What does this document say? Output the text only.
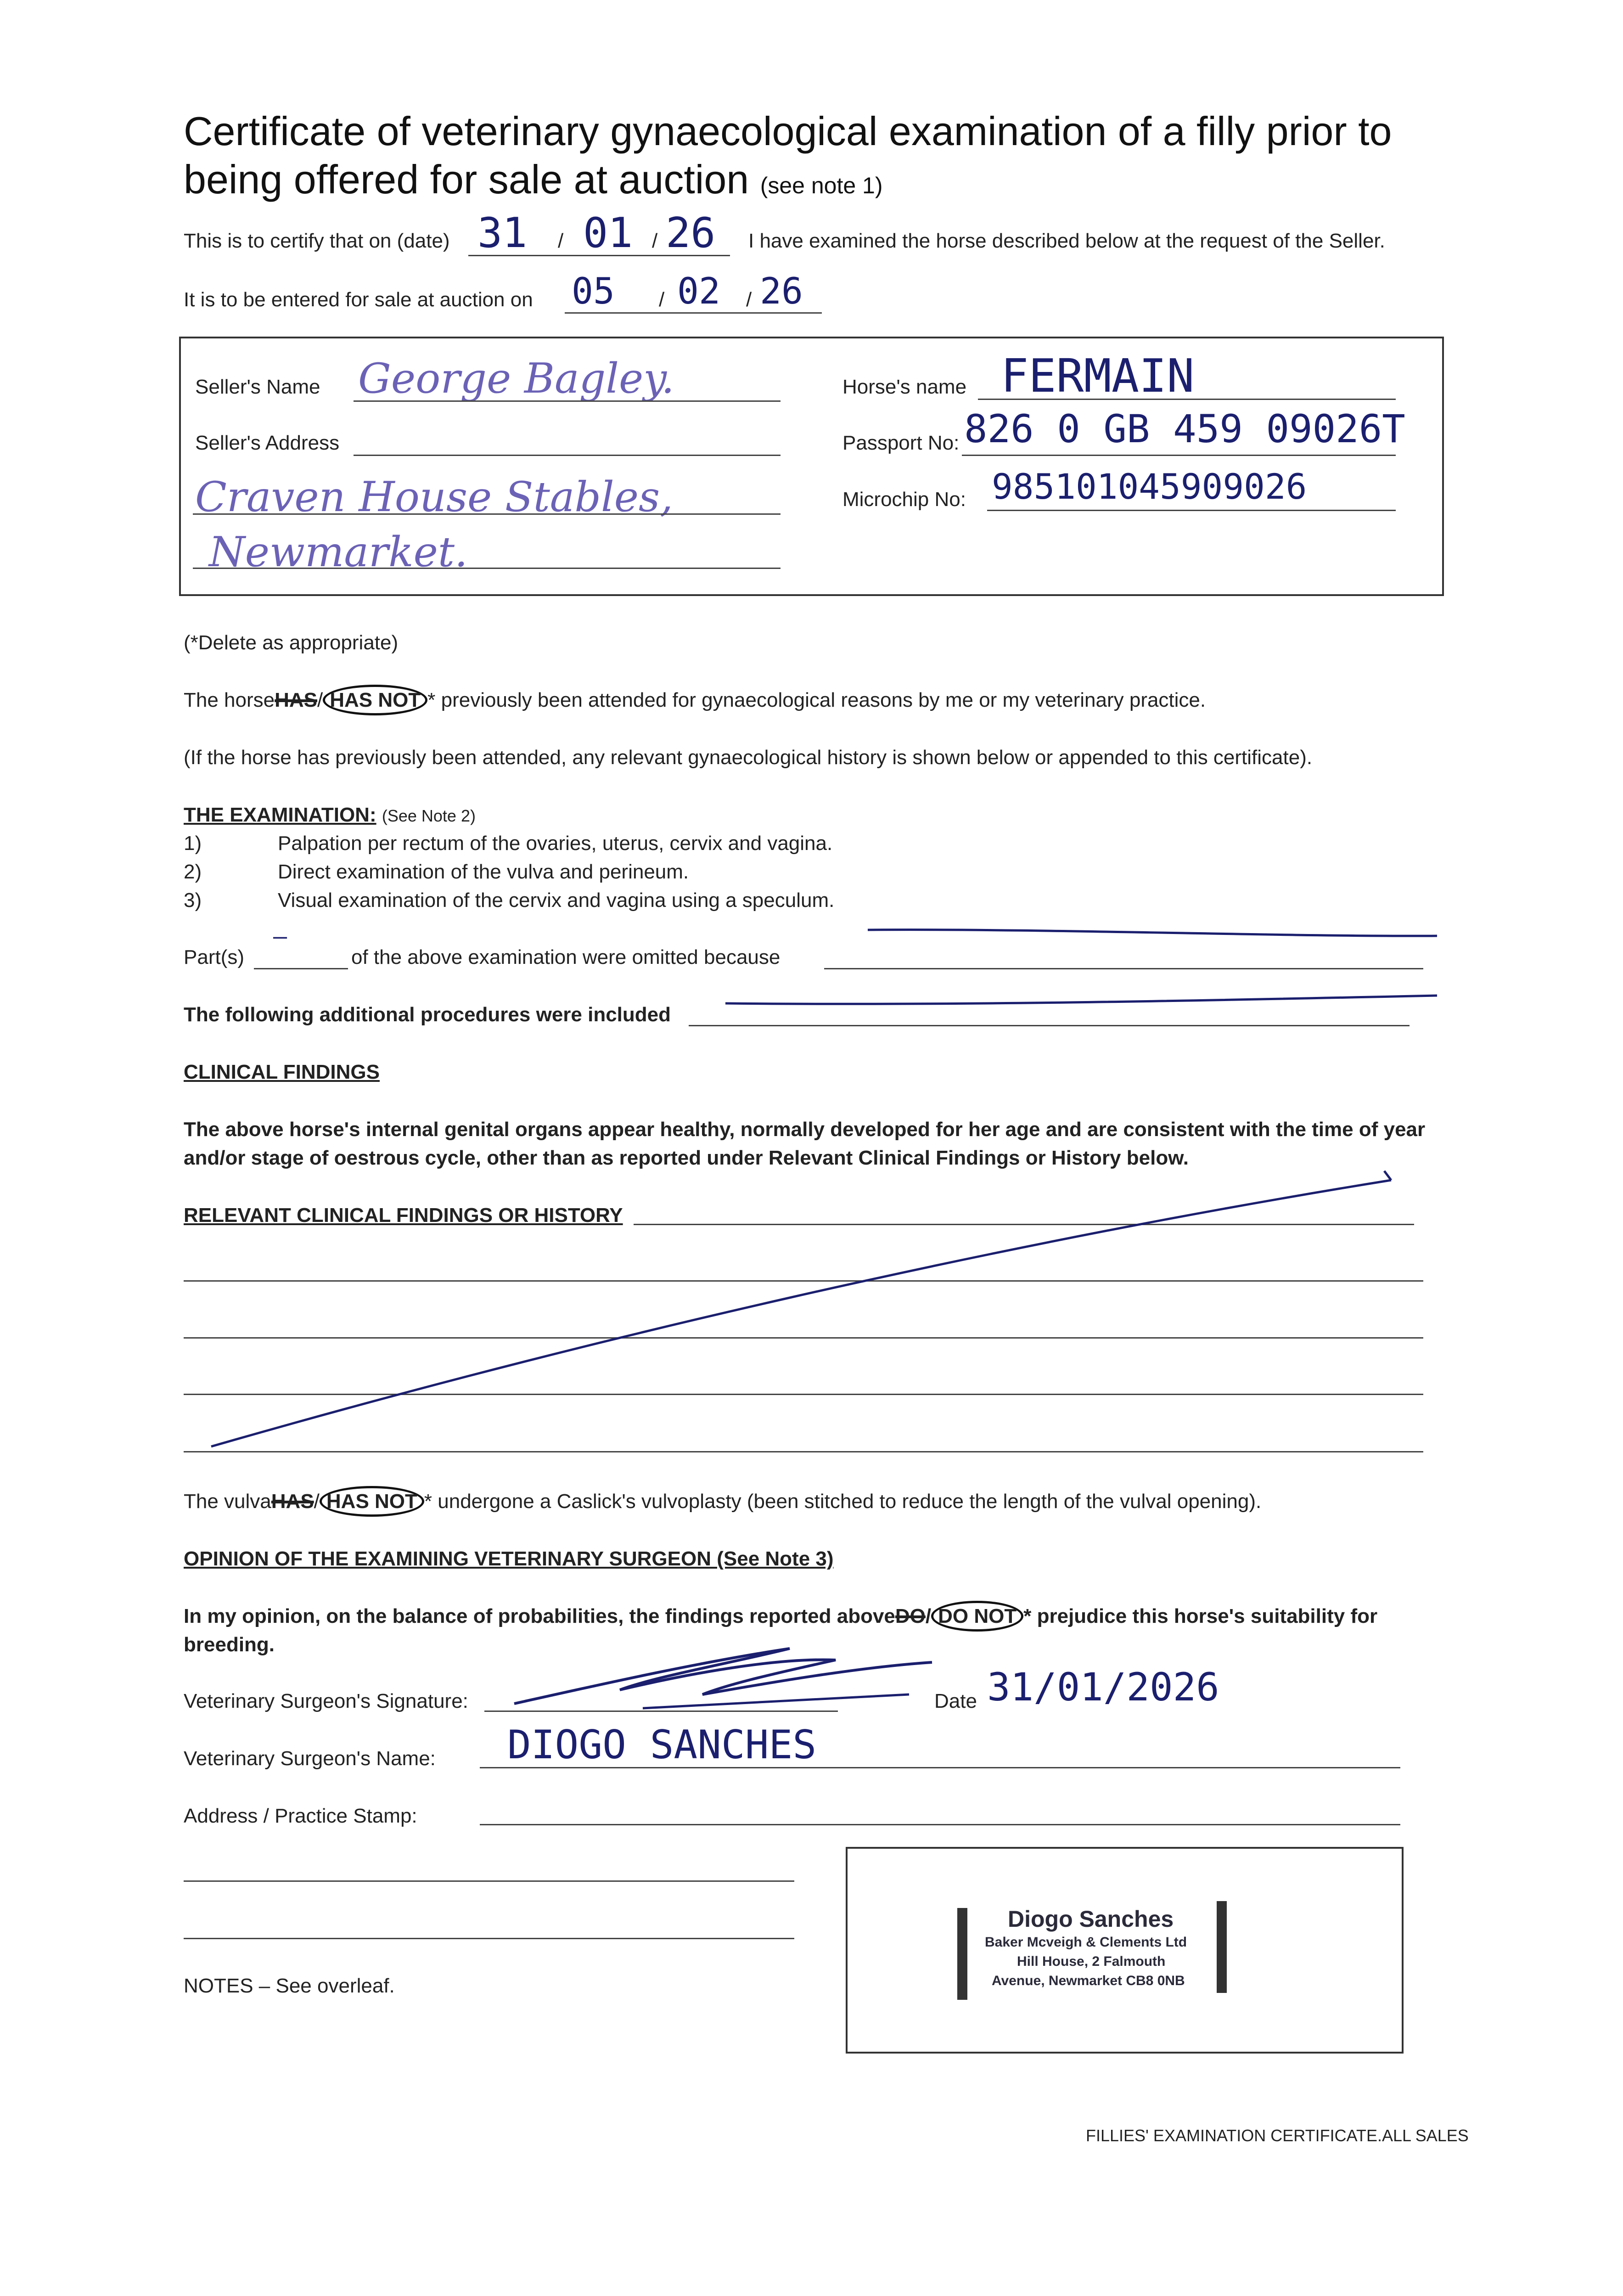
Certificate of veterinary gynaecological examination of a filly prior to
being offered for sale at auction (see note 1)
This is to certify that on (date) 31 / 01 / 26 I have examined the horse described below at the request of the Seller.
It is to be entered for sale at auction on 05 / 02 / 26
Seller's Name George Bagley.
Seller's Address
Craven House Stables,
Newmarket.
Horse's name FERMAIN
Passport No: 826 0 GB 459 09026T
Microchip No: 985101045909026
(*Delete as appropriate)
The horseHAS/ HAS NOT * previously been attended for gynaecological reasons by me or my veterinary practice.
(If the horse has previously been attended, any relevant gynaecological history is shown below or appended to this certificate).
THE EXAMINATION: (See Note 2)
1)	Palpation per rectum of the ovaries, uterus, cervix and vagina.
2)	Direct examination of the vulva and perineum.
3)	Visual examination of the cervix and vagina using a speculum.
Part(s)
—
of the above examination were omitted because
The following additional procedures were included
CLINICAL FINDINGS
The above horse's internal genital organs appear healthy, normally developed for her age and are consistent with the time of year
and/or stage of oestrous cycle, other than as reported under Relevant Clinical Findings or History below.
RELEVANT CLINICAL FINDINGS OR HISTORY
The vulvaHAS/ HAS NOT * undergone a Caslick's vulvoplasty (been stitched to reduce the length of the vulval opening).
OPINION OF THE EXAMINING VETERINARY SURGEON (See Note 3)
In my opinion, on the balance of probabilities, the findings reported aboveDO/ DO NOT * prejudice this horse's suitability for
breeding.
Veterinary Surgeon's Signature:	Date 31/01/2026
Veterinary Surgeon's Name: DIOGO SANCHES
Address / Practice Stamp:
Diogo Sanches
Baker Mcveigh & Clements Ltd
Hill House, 2 Falmouth
Avenue, Newmarket CB8 0NB
NOTES – See overleaf.
FILLIES' EXAMINATION CERTIFICATE.ALL SALES
